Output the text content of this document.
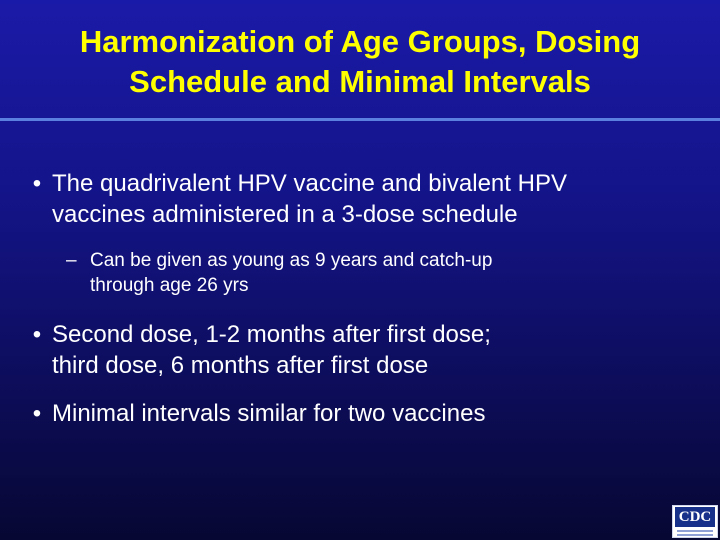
Harmonization of Age Groups, Dosing
Schedule and Minimal Intervals
• The quadrivalent HPV vaccine and bivalent HPV
vaccines administered in a 3-dose schedule
– Can be given as young as 9 years and catch-up
through age 26 yrs
• Second dose, 1-2 months after first dose;
third dose, 6 months after first dose
• Minimal intervals similar for two vaccines
CDC
